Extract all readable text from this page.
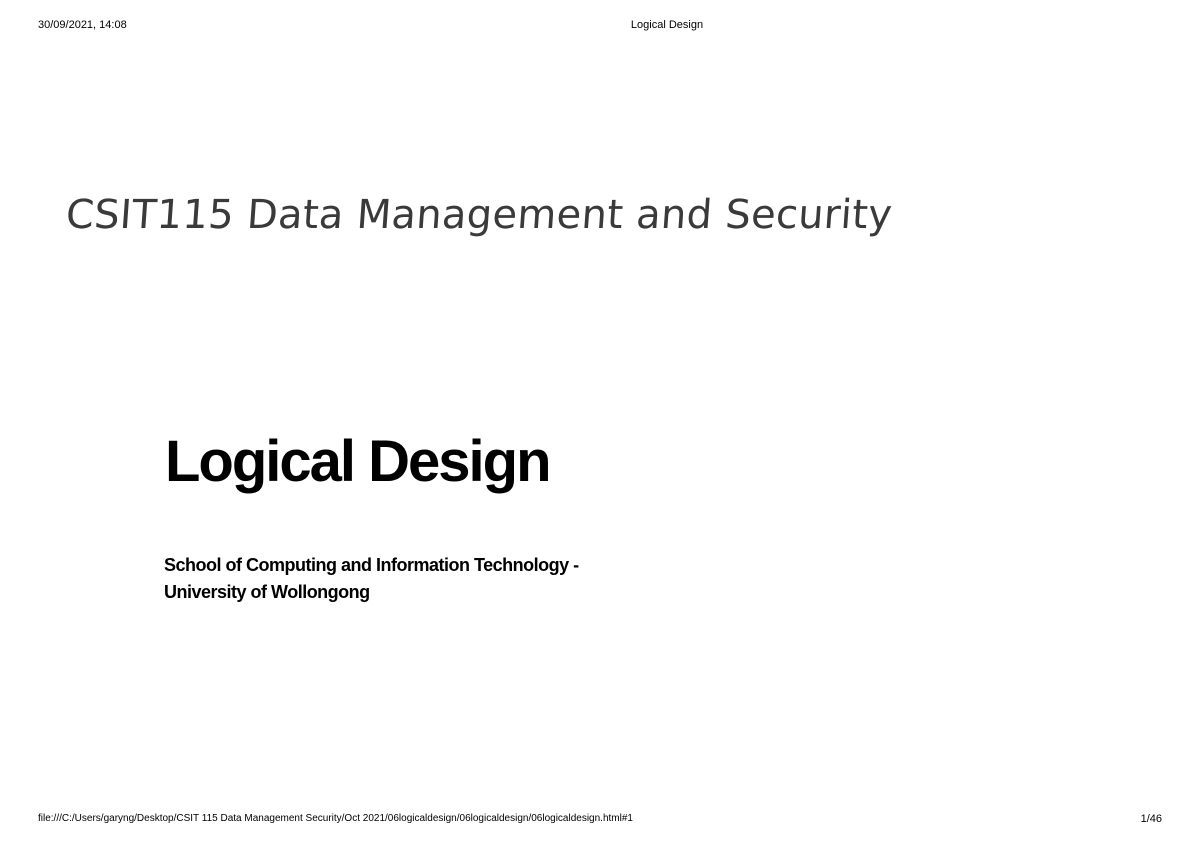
30/09/2021, 14:08	Logical Design
CSIT115 Data Management and Security
Logical Design
School of Computing and Information Technology -
University of Wollongong
file:///C:/Users/garyng/Desktop/CSIT 115 Data Management Security/Oct 2021/06logicaldesign/06logicaldesign/06logicaldesign.html#1	1/46
